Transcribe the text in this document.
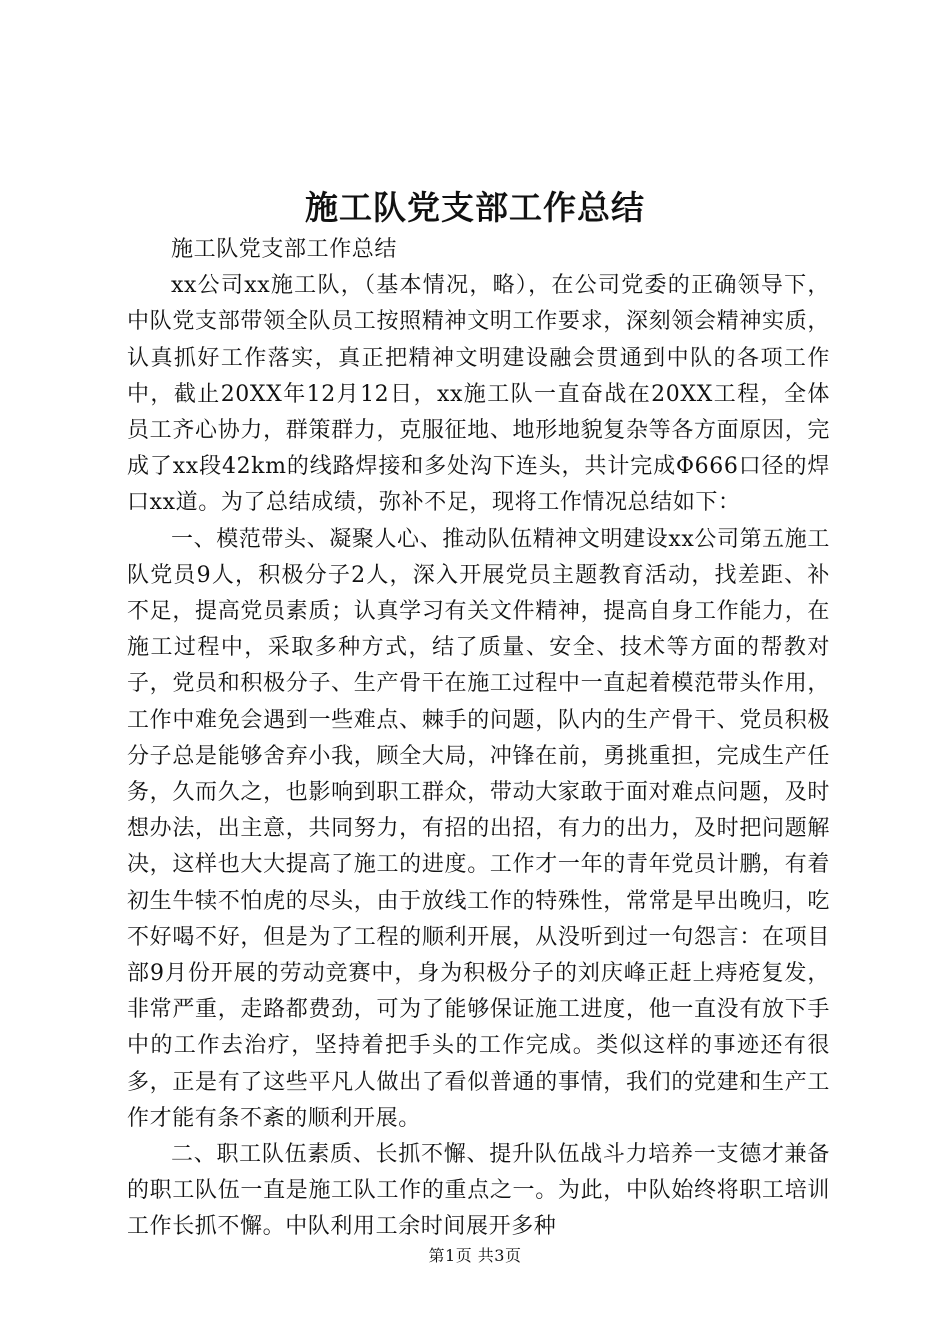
施工队党支部工作总结

施工队党支部工作总结

xx公司xx施工队，（基本情况，略），在公司党委的正确领导下，中队党支部带领全队员工按照精神文明工作要求，深刻领会精神实质，认真抓好工作落实，真正把精神文明建设融会贯通到中队的各项工作中，截止20XX年12月12日，xx施工队一直奋战在20XX工程，全体员工齐心协力，群策群力，克服征地、地形地貌复杂等各方面原因，完成了xx段42km的线路焊接和多处沟下连头，共计完成Φ666口径的焊口xx道。为了总结成绩，弥补不足，现将工作情况总结如下：

一、模范带头、凝聚人心、推动队伍精神文明建设xx公司第五施工队党员9人，积极分子2人，深入开展党员主题教育活动，找差距、补不足，提高党员素质；认真学习有关文件精神，提高自身工作能力，在施工过程中，采取多种方式，结了质量、安全、技术等方面的帮教对子，党员和积极分子、生产骨干在施工过程中一直起着模范带头作用，工作中难免会遇到一些难点、棘手的问题，队内的生产骨干、党员积极分子总是能够舍弃小我，顾全大局，冲锋在前，勇挑重担，完成生产任务，久而久之，也影响到职工群众，带动大家敢于面对难点问题，及时想办法，出主意，共同努力，有招的出招，有力的出力，及时把问题解决，这样也大大提高了施工的进度。工作才一年的青年党员计鹏，有着初生牛犊不怕虎的尽头，由于放线工作的特殊性，常常是早出晚归，吃不好喝不好，但是为了工程的顺利开展，从没听到过一句怨言：在项目部9月份开展的劳动竞赛中，身为积极分子的刘庆峰正赶上痔疮复发，非常严重，走路都费劲，可为了能够保证施工进度，他一直没有放下手中的工作去治疗，坚持着把手头的工作完成。类似这样的事迹还有很多，正是有了这些平凡人做出了看似普通的事情，我们的党建和生产工作才能有条不紊的顺利开展。

二、职工队伍素质、长抓不懈、提升队伍战斗力培养一支德才兼备的职工队伍一直是施工队工作的重点之一。为此，中队始终将职工培训工作长抓不懈。中队利用工余时间展开多种

第1页 共3页
